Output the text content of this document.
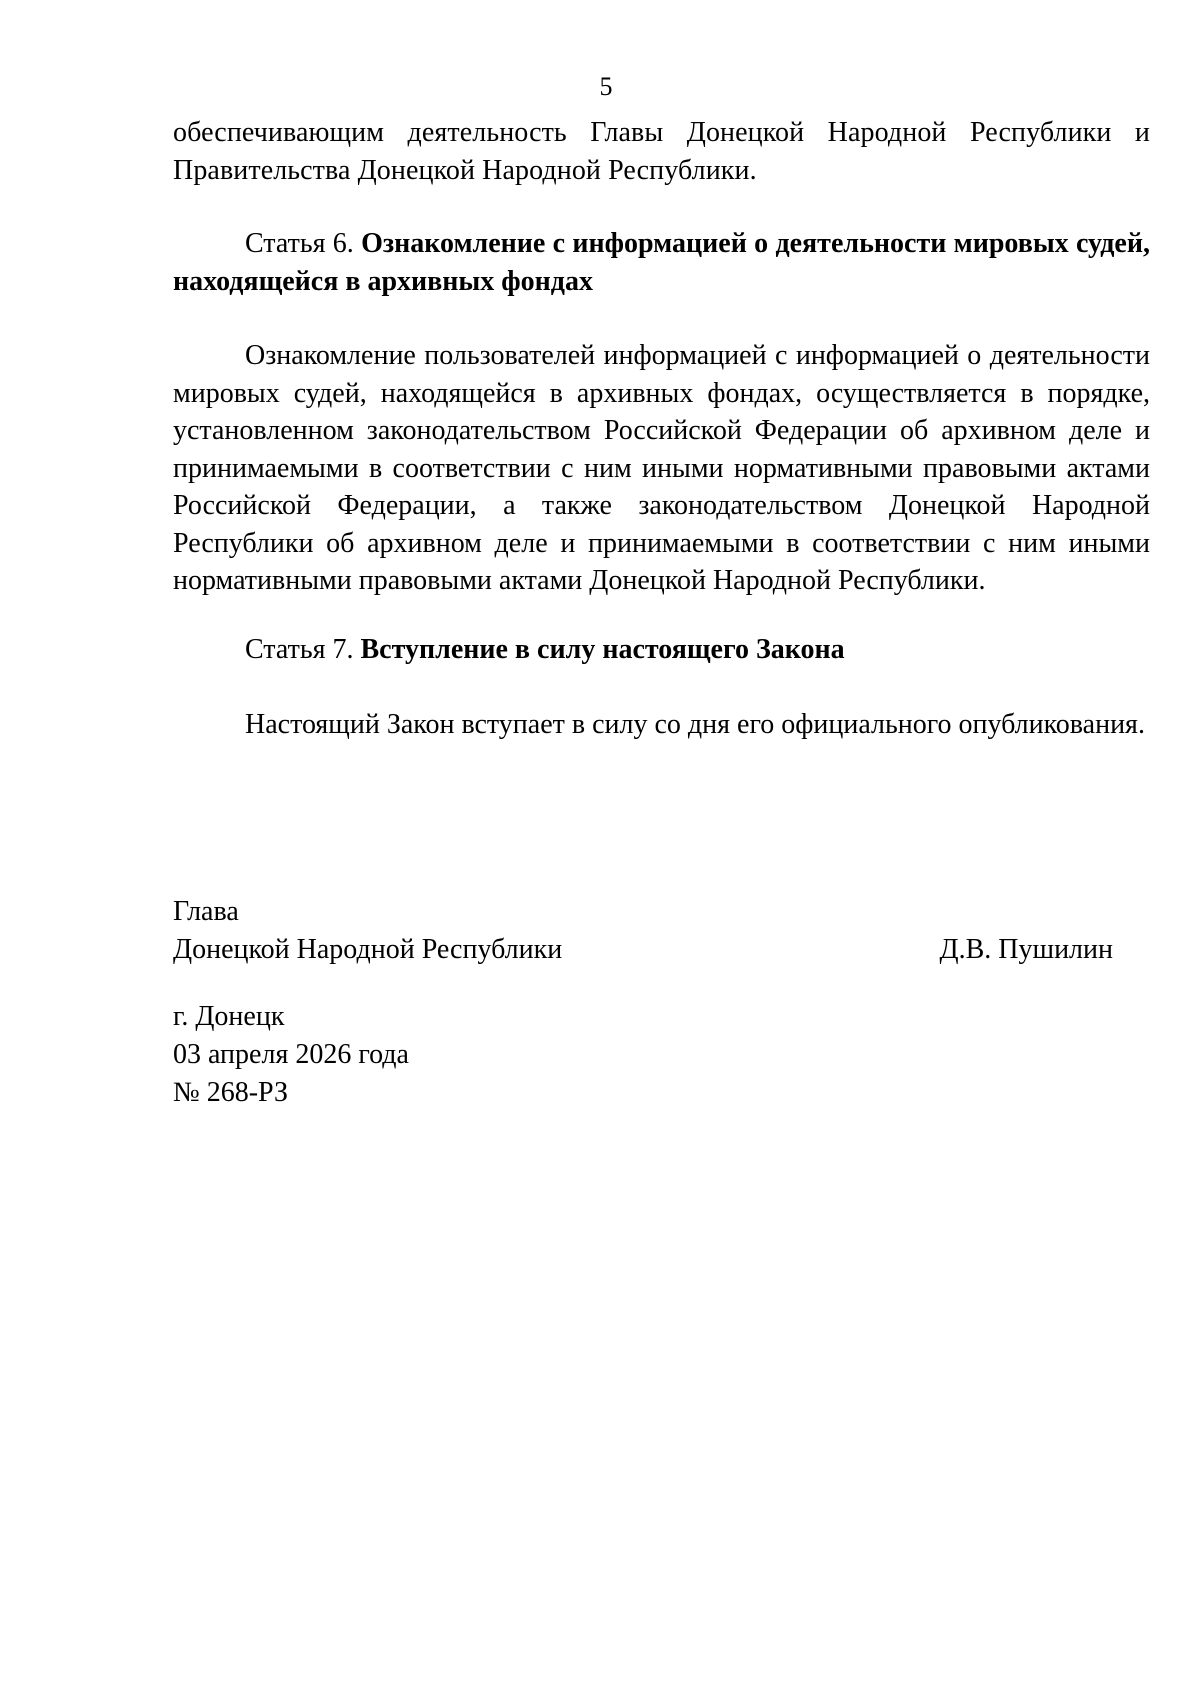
5

обеспечивающим деятельность Главы Донецкой Народной Республики и Правительства Донецкой Народной Республики.

Статья 6. Ознакомление с информацией о деятельности мировых судей, находящейся в архивных фондах

Ознакомление пользователей информацией с информацией о деятельности мировых судей, находящейся в архивных фондах, осуществляется в порядке, установленном законодательством Российской Федерации об архивном деле и принимаемыми в соответствии с ним иными нормативными правовыми актами Российской Федерации, а также законодательством Донецкой Народной Республики об архивном деле и принимаемыми в соответствии с ним иными нормативными правовыми актами Донецкой Народной Республики.

Статья 7. Вступление в силу настоящего Закона

Настоящий Закон вступает в силу со дня его официального опубликования.

Глава
Донецкой Народной Республики	Д.В. Пушилин
г. Донецк
03 апреля 2026 года
№ 268-РЗ
